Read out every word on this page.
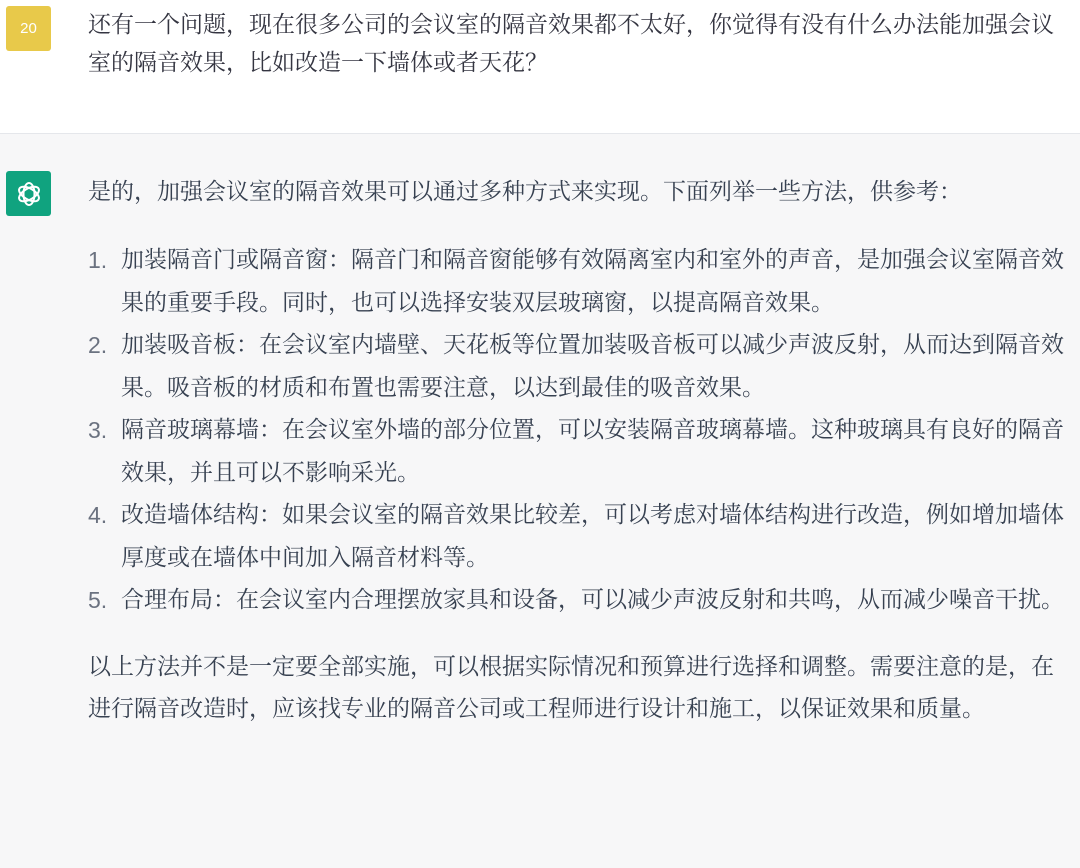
20	还有一个问题，现在很多公司的会议室的隔音效果都不太好，你觉得有没有什么办法能加强会议室的隔音效果，比如改造一下墙体或者天花？

是的，加强会议室的隔音效果可以通过多种方式来实现。下面列举一些方法，供参考：

1. 加装隔音门或隔音窗：隔音门和隔音窗能够有效隔离室内和室外的声音，是加强会议室隔音效果的重要手段。同时，也可以选择安装双层玻璃窗，以提高隔音效果。
2. 加装吸音板：在会议室内墙壁、天花板等位置加装吸音板可以减少声波反射，从而达到隔音效果。吸音板的材质和布置也需要注意，以达到最佳的吸音效果。
3. 隔音玻璃幕墙：在会议室外墙的部分位置，可以安装隔音玻璃幕墙。这种玻璃具有良好的隔音效果，并且可以不影响采光。
4. 改造墙体结构：如果会议室的隔音效果比较差，可以考虑对墙体结构进行改造，例如增加墙体厚度或在墙体中间加入隔音材料等。
5. 合理布局：在会议室内合理摆放家具和设备，可以减少声波反射和共鸣，从而减少噪音干扰。

以上方法并不是一定要全部实施，可以根据实际情况和预算进行选择和调整。需要注意的是，在进行隔音改造时，应该找专业的隔音公司或工程师进行设计和施工，以保证效果和质量。
